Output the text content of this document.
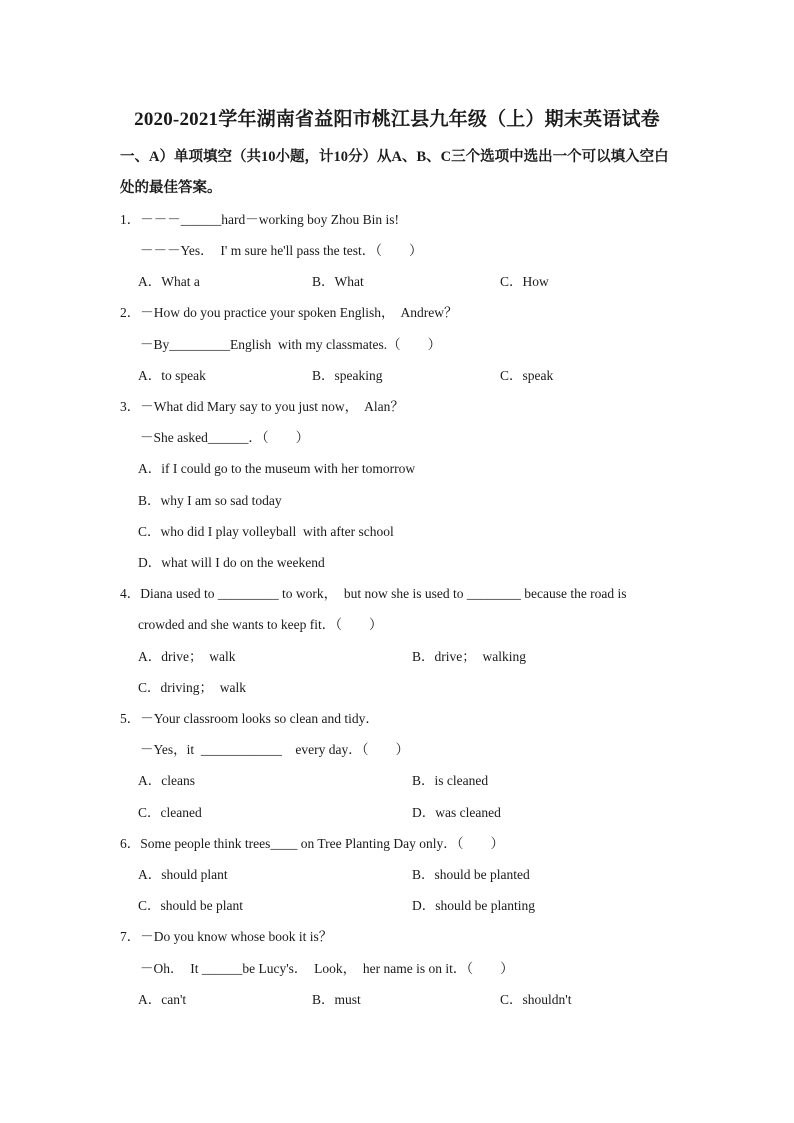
2020-2021学年湖南省益阳市桃江县九年级（上）期末英语试卷
一、A）单项填空（共10小题，计10分）从A、B、C三个选项中选出一个可以填入空白
处的最佳答案。
1．－－－______hard－working boy Zhou Bin is!
－－－Yes．  I' m sure he'll pass the test．（　　）
A．What a	B．What	C．How
2．－How do you practice your spoken English，  Andrew？
－By_________English  with my classmates.（　　）
A．to speak	B．speaking	C．speak
3．－What did Mary say to you just now，  Alan？
－She asked______．（　　）
A．if I could go to the museum with her tomorrow
B．why I am so sad today
C．who did I play volleyball  with after school
D．what will I do on the weekend
4．Diana used to _________ to work，  but now she is used to ________ because the road is
crowded and she wants to keep fit．（　　）
A．drive；  walk	B．drive；  walking
C．driving；  walk
5．－Your classroom looks so clean and tidy．
－Yes，it  ____________    every day．（　　）
A．cleans	B．is cleaned
C．cleaned	D．was cleaned
6．Some people think trees____ on Tree Planting Day only．（　　）
A．should plant	B．should be planted
C．should be plant	D．should be planting
7．－Do you know whose book it is？
－Oh．  It ______be Lucy's．  Look，  her name is on it．（　　）
A．can't	B．must	C．shouldn't
